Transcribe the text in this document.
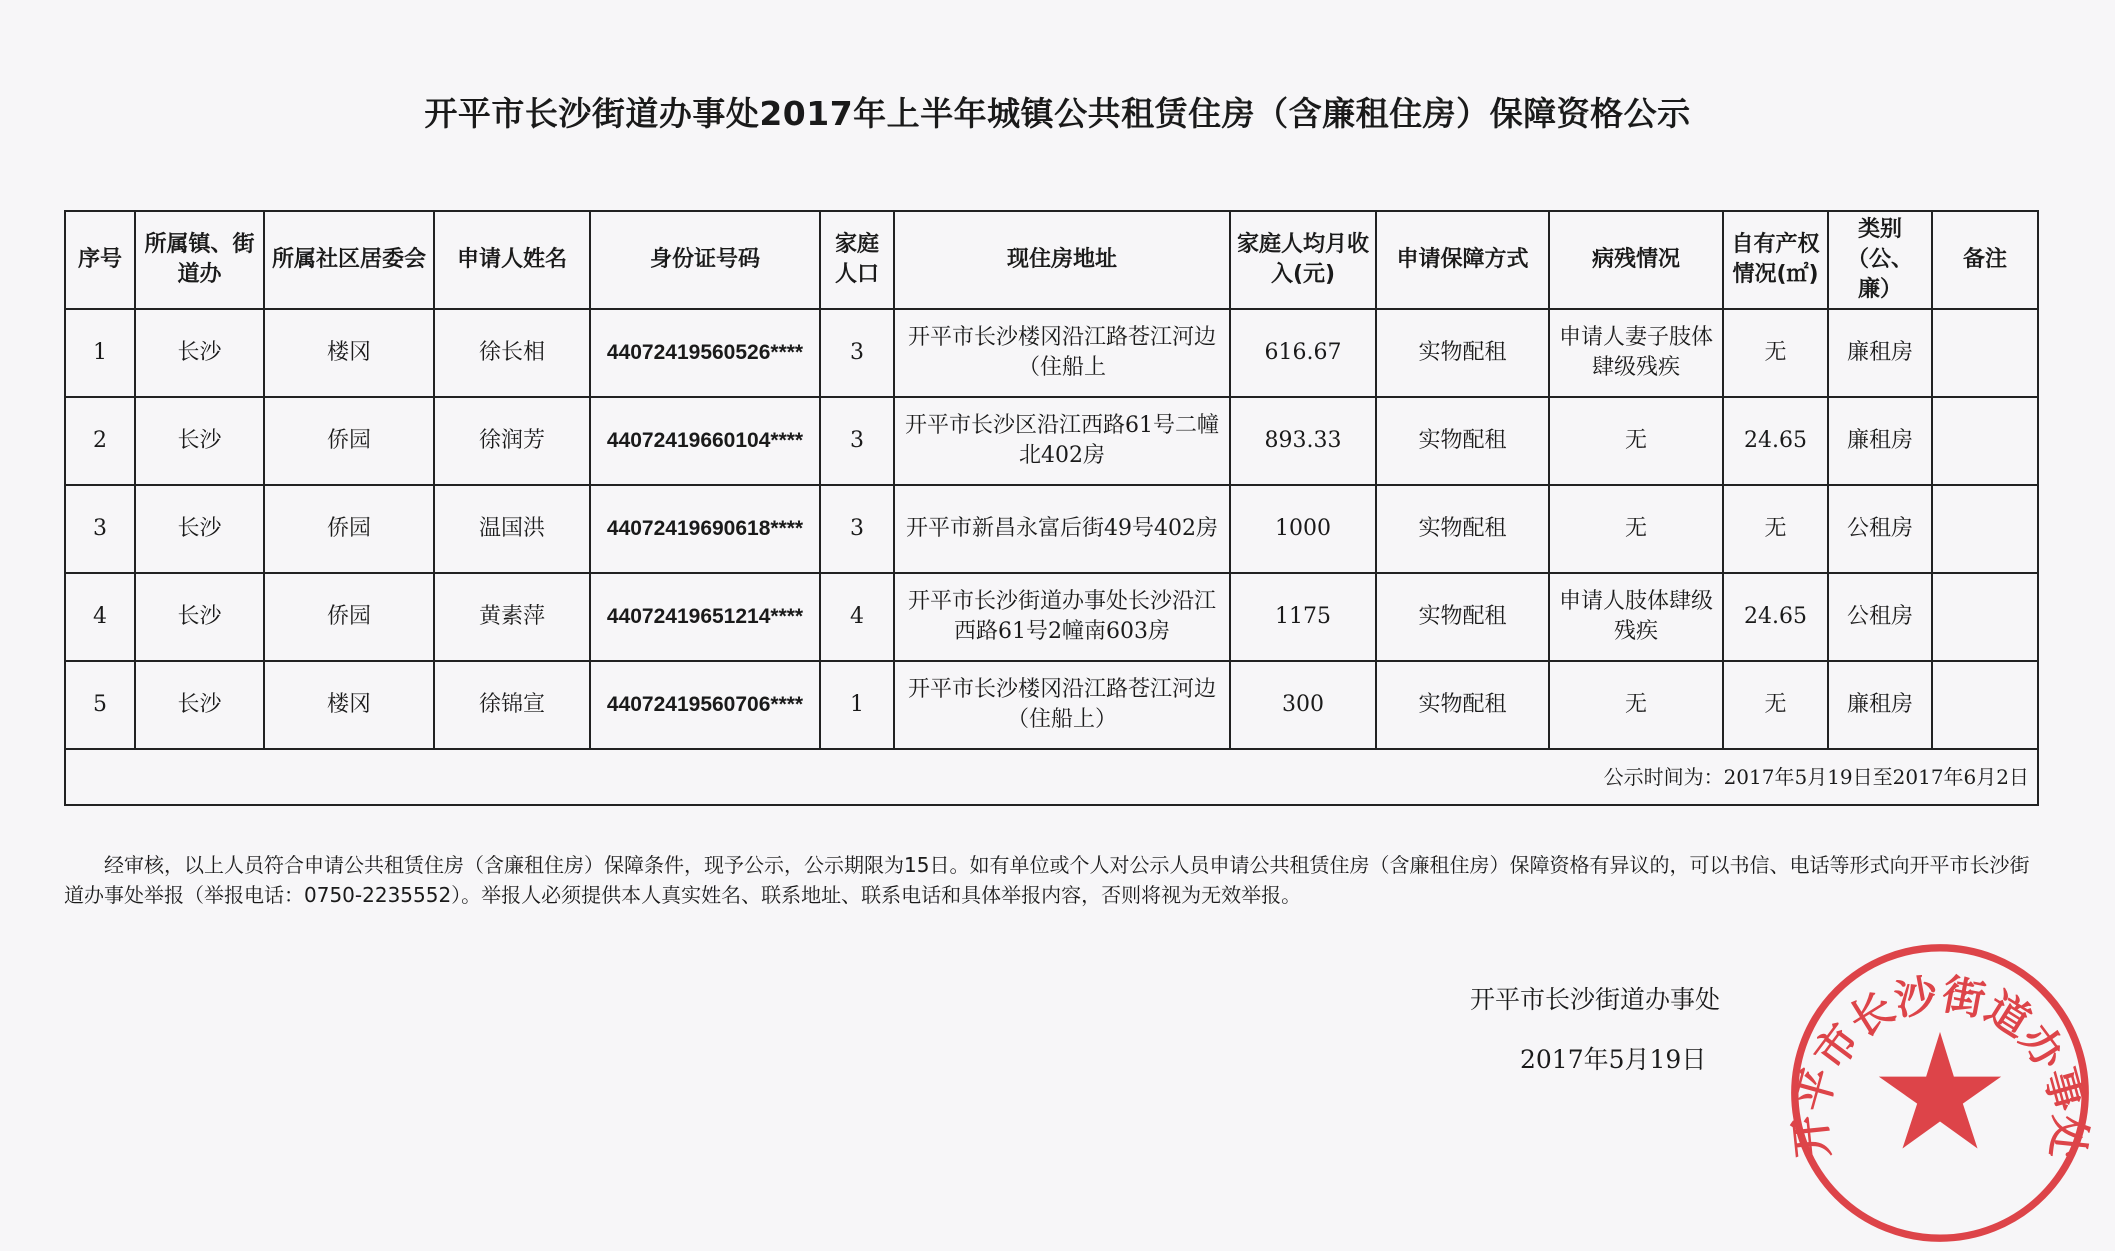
开平市长沙街道办事处2017年上半年城镇公共租赁住房（含廉租住房）保障资格公示
序号	所属镇、街道办	所属社区居委会	申请人姓名	身份证号码	家庭人口	现住房地址	家庭人均月收入(元)	申请保障方式	病残情况	自有产权情况(㎡)	类别（公、廉）	备注
1	长沙	楼冈	徐长相	44072419560526****	3	开平市长沙楼冈沿江路苍江河边（住船上	616.67	实物配租	申请人妻子肢体肆级残疾	无	廉租房	
2	长沙	侨园	徐润芳	44072419660104****	3	开平市长沙区沿江西路61号二幢北402房	893.33	实物配租	无	24.65	廉租房	
3	长沙	侨园	温国洪	44072419690618****	3	开平市新昌永富后街49号402房	1000	实物配租	无	无	公租房	
4	长沙	侨园	黄素萍	44072419651214****	4	开平市长沙街道办事处长沙沿江西路61号2幢南603房	1175	实物配租	申请人肢体肆级残疾	24.65	公租房	
5	长沙	楼冈	徐锦宣	44072419560706****	1	开平市长沙楼冈沿江路苍江河边（住船上）	300	实物配租	无	无	廉租房	
公示时间为：2017年5月19日至2017年6月2日												

经审核，以上人员符合申请公共租赁住房（含廉租住房）保障条件，现予公示，公示期限为15日。如有单位或个人对公示人员申请公共租赁住房（含廉租住房）保障资格有异议的，可以书信、电话等形式向开平市长沙街道办事处举报（举报电话：0750-2235552）。举报人必须提供本人真实姓名、联系地址、联系电话和具体举报内容，否则将视为无效举报。

开平市长沙街道办事处
开平市长沙街道办事处
2017年5月19日
